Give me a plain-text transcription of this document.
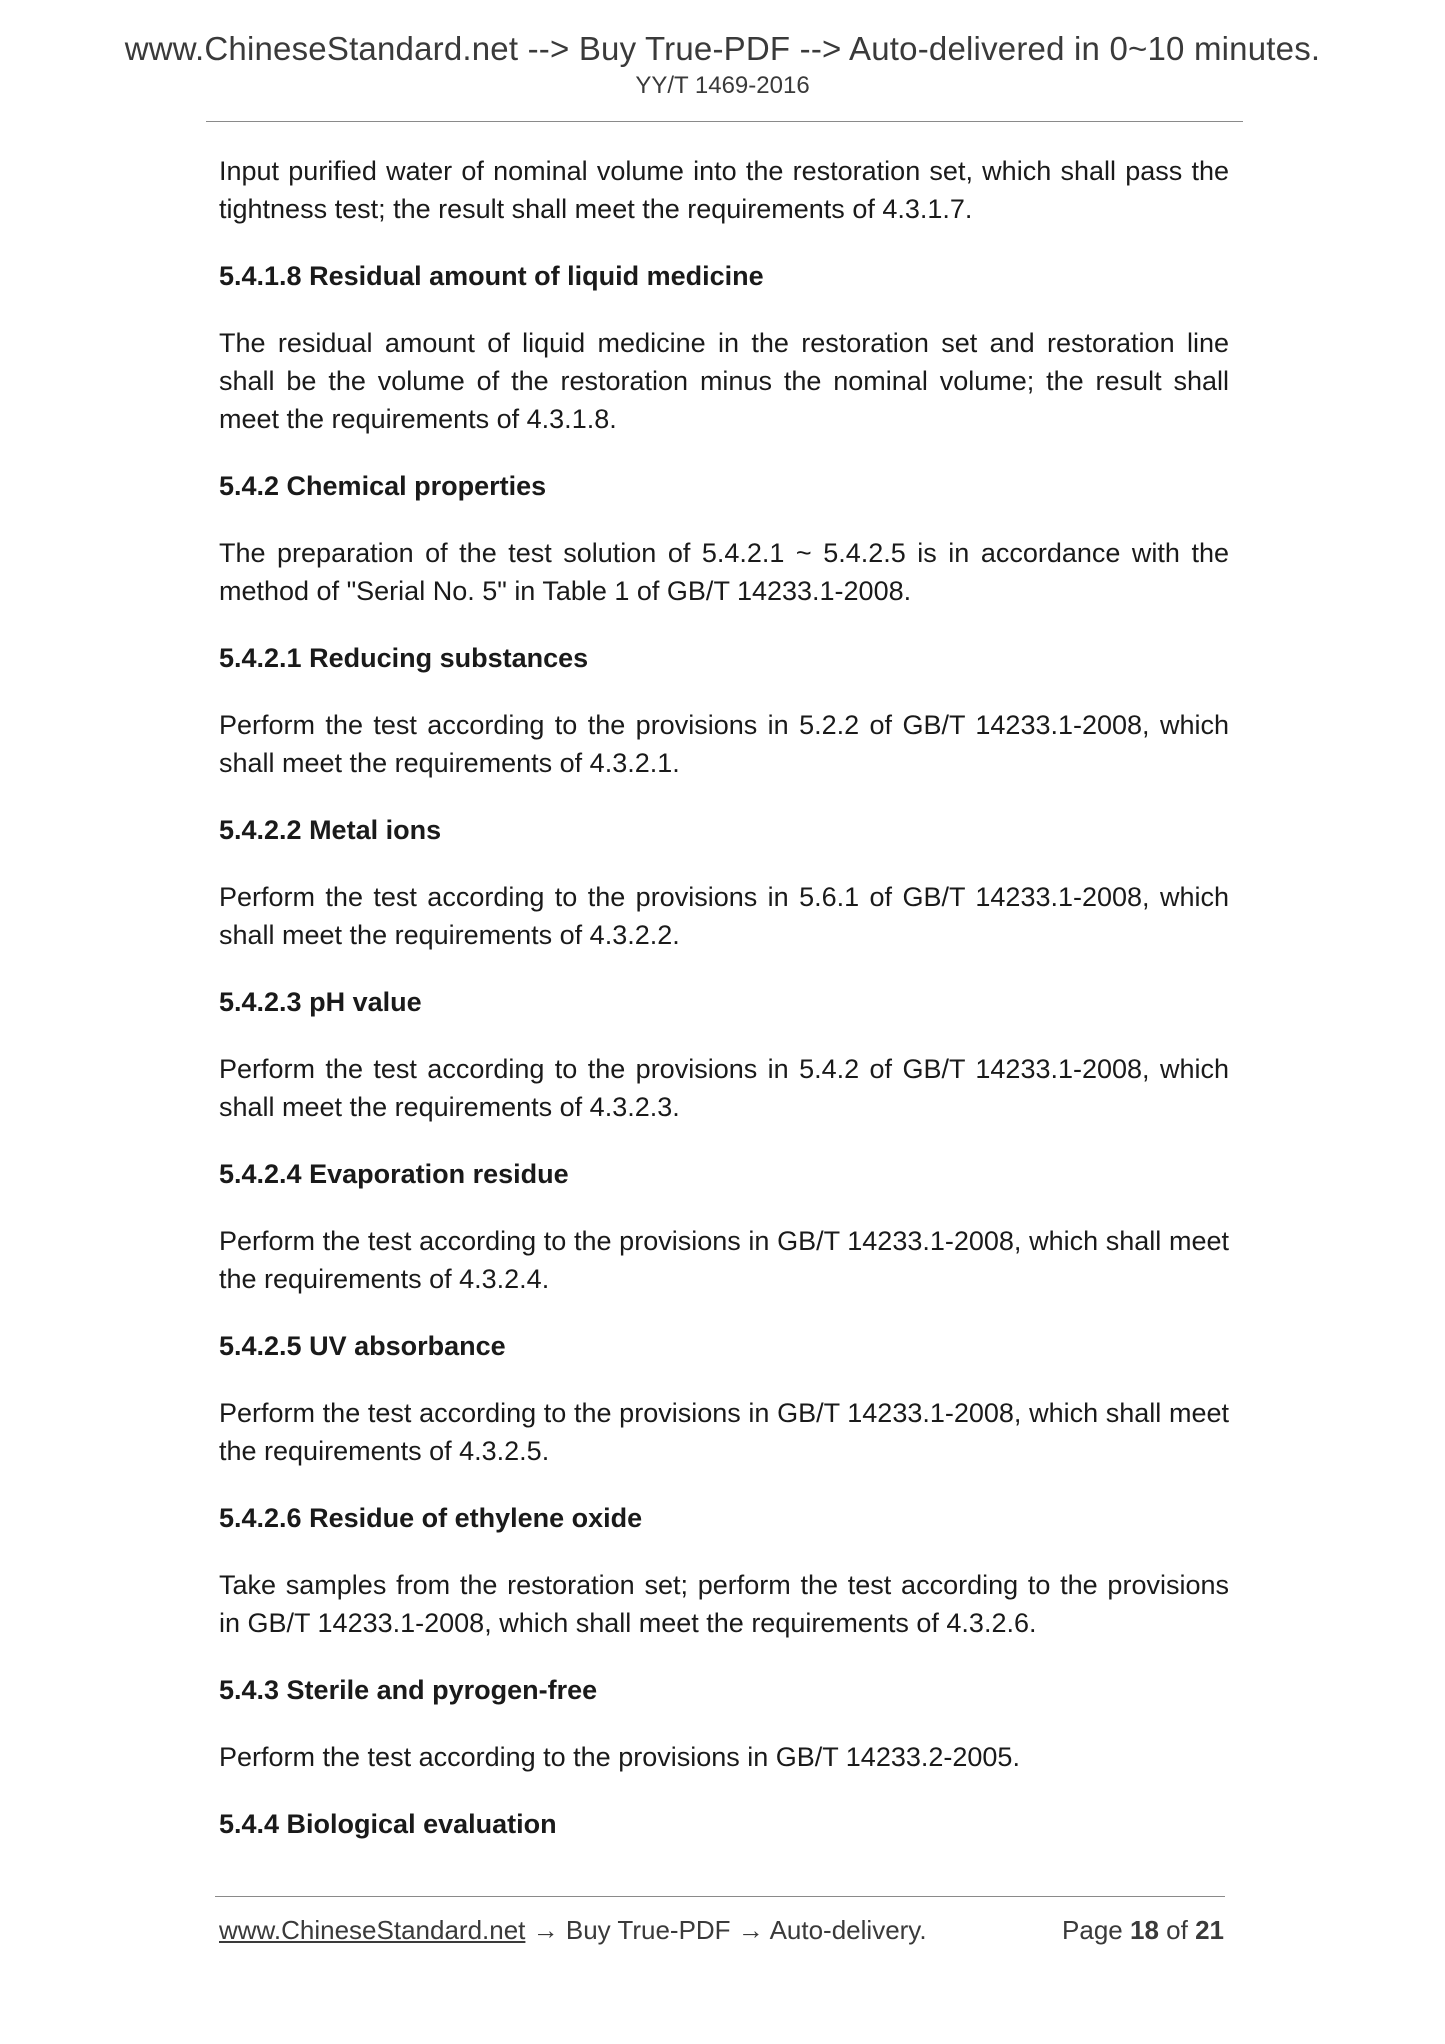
www.ChineseStandard.net --> Buy True-PDF --> Auto-delivered in 0~10 minutes.
YY/T 1469-2016

Input purified water of nominal volume into the restoration set, which shall pass the tightness test; the result shall meet the requirements of 4.3.1.7.

5.4.1.8 Residual amount of liquid medicine

The residual amount of liquid medicine in the restoration set and restoration line shall be the volume of the restoration minus the nominal volume; the result shall meet the requirements of 4.3.1.8.

5.4.2 Chemical properties

The preparation of the test solution of 5.4.2.1 ~ 5.4.2.5 is in accordance with the method of "Serial No. 5" in Table 1 of GB/T 14233.1-2008.

5.4.2.1 Reducing substances

Perform the test according to the provisions in 5.2.2 of GB/T 14233.1-2008, which shall meet the requirements of 4.3.2.1.

5.4.2.2 Metal ions

Perform the test according to the provisions in 5.6.1 of GB/T 14233.1-2008, which shall meet the requirements of 4.3.2.2.

5.4.2.3 pH value

Perform the test according to the provisions in 5.4.2 of GB/T 14233.1-2008, which shall meet the requirements of 4.3.2.3.

5.4.2.4 Evaporation residue

Perform the test according to the provisions in GB/T 14233.1-2008, which shall meet the requirements of 4.3.2.4.

5.4.2.5 UV absorbance

Perform the test according to the provisions in GB/T 14233.1-2008, which shall meet the requirements of 4.3.2.5.

5.4.2.6 Residue of ethylene oxide

Take samples from the restoration set; perform the test according to the provisions in GB/T 14233.1-2008, which shall meet the requirements of 4.3.2.6.

5.4.3 Sterile and pyrogen-free

Perform the test according to the provisions in GB/T 14233.2-2005.

5.4.4 Biological evaluation

www.ChineseStandard.net → Buy True-PDF → Auto-delivery.	Page 18 of 21
